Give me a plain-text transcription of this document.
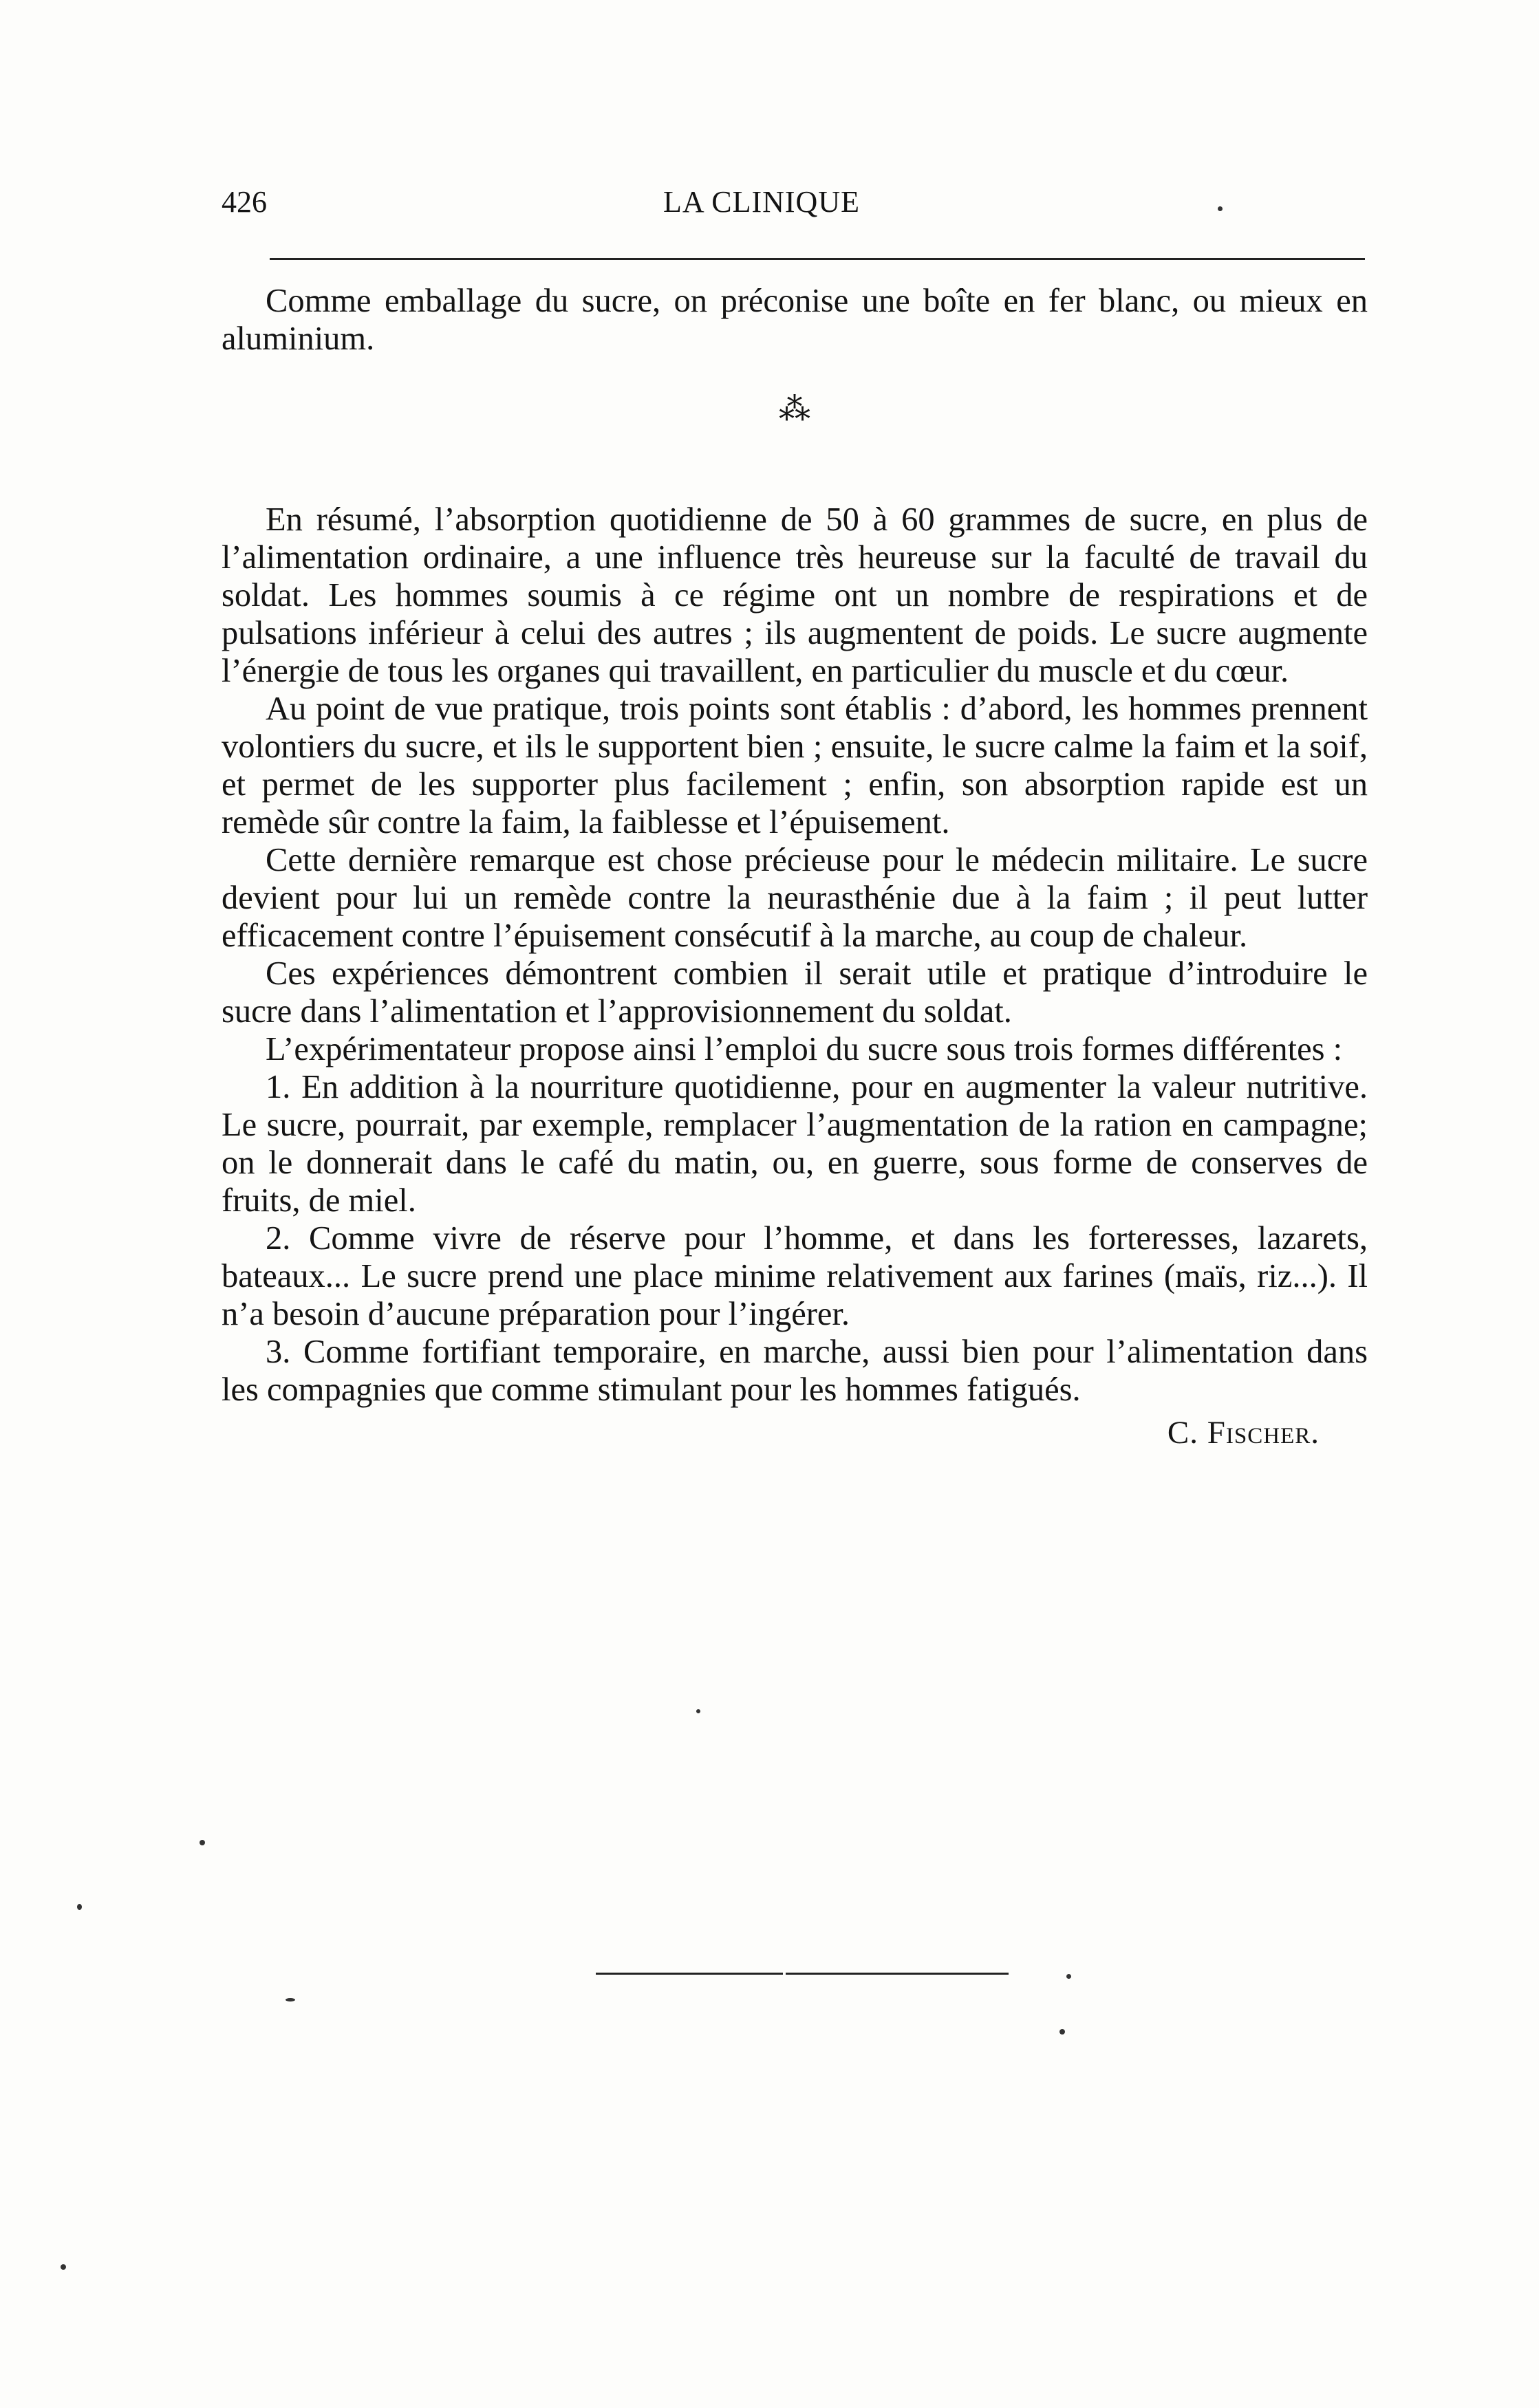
426	LA CLINIQUE

Comme emballage du sucre, on préconise une boîte en fer blanc, ou mieux en aluminium.

⁂

En résumé, l’absorption quotidienne de 50 à 60 grammes de sucre, en plus de l’alimentation ordinaire, a une influence très heureuse sur la faculté de travail du soldat. Les hommes soumis à ce régime ont un nombre de respirations et de pulsations inférieur à celui des autres ; ils augmentent de poids. Le sucre augmente l’énergie de tous les organes qui travaillent, en particulier du muscle et du cœur.

Au point de vue pratique, trois points sont établis : d’abord, les hommes prennent volontiers du sucre, et ils le supportent bien ; ensuite, le sucre calme la faim et la soif, et permet de les supporter plus facilement ; enfin, son absorption rapide est un remède sûr contre la faim, la faiblesse et l’épuisement.

Cette dernière remarque est chose précieuse pour le médecin militaire. Le sucre devient pour lui un remède contre la neurasthénie due à la faim ; il peut lutter efficacement contre l’épuisement consécutif à la marche, au coup de chaleur.

Ces expériences démontrent combien il serait utile et pratique d’introduire le sucre dans l’alimentation et l’approvisionnement du soldat.

L’expérimentateur propose ainsi l’emploi du sucre sous trois formes différentes :

1. En addition à la nourriture quotidienne, pour en augmenter la valeur nutritive. Le sucre, pourrait, par exemple, remplacer l’augmentation de la ration en campagne; on le donnerait dans le café du matin, ou, en guerre, sous forme de conserves de fruits, de miel.

2. Comme vivre de réserve pour l’homme, et dans les forteresses, lazarets, bateaux... Le sucre prend une place minime relativement aux farines (maïs, riz...). Il n’a besoin d’aucune préparation pour l’ingérer.

3. Comme fortifiant temporaire, en marche, aussi bien pour l’alimentation dans les compagnies que comme stimulant pour les hommes fatigués.

C. Fischer.
